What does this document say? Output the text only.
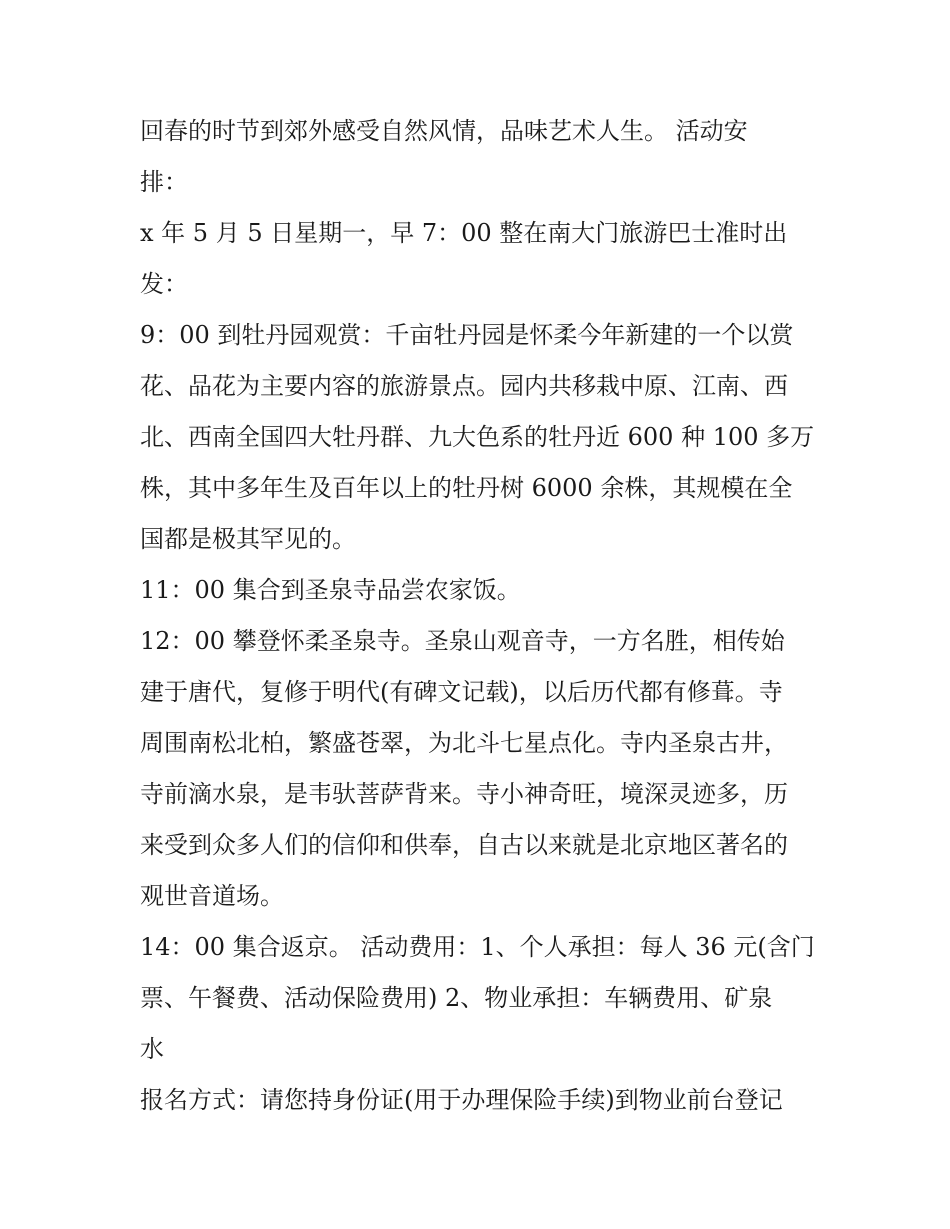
回春的时节到郊外感受自然风情，品味艺术人生。 活动安

排：

x 年 5 月 5 日星期一，早 7：00 整在南大门旅游巴士准时出

发：

9：00 到牡丹园观赏：千亩牡丹园是怀柔今年新建的一个以赏

花、品花为主要内容的旅游景点。园内共移栽中原、江南、西

北、西南全国四大牡丹群、九大色系的牡丹近 600 种 100 多万

株，其中多年生及百年以上的牡丹树 6000 余株，其规模在全

国都是极其罕见的。

11：00 集合到圣泉寺品尝农家饭。

12：00 攀登怀柔圣泉寺。圣泉山观音寺，一方名胜，相传始

建于唐代，复修于明代(有碑文记载)，以后历代都有修葺。寺

周围南松北柏，繁盛苍翠，为北斗七星点化。寺内圣泉古井，

寺前滴水泉，是韦驮菩萨背来。寺小神奇旺，境深灵迹多，历

来受到众多人们的信仰和供奉，自古以来就是北京地区著名的

观世音道场。

14：00 集合返京。 活动费用：1、个人承担：每人 36 元(含门

票、午餐费、活动保险费用) 2、物业承担：车辆费用、矿泉

水

报名方式：请您持身份证(用于办理保险手续)到物业前台登记
